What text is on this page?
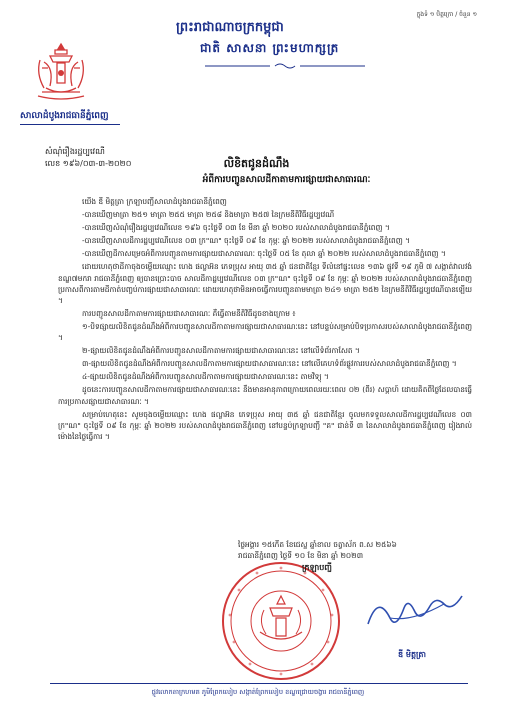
ក្នុងទំ ១ បិត្តក្រោ / ចំនួន ១
ព្រះរាជាណាចក្រកម្ពុជា
ជាតិ សាសនា ព្រះមហាក្សត្រ
សាលាដំបូងរាជធានីភ្នំពេញ
សំណុំរឿងរដ្ឋប្បវេណី
លេខ ១៩៦/០៣-៣-២០២០	លិខិតជូនដំណឹង
អំពីការបញ្ចូនសាលដីកាតាមការផ្សាយជាសាធារណៈ

យើង ឌី មិត្តត្រា ក្រឡាបញ្ជីសាលាដំបូងរាជធានីភ្នំពេញ

-បានឃើញមាត្រា ២៥១ មាត្រា ២៥៥ មាត្រា ២៥៨ និងមាត្រា ២៥៧ នៃក្រមនីតិវិធីរដ្ឋប្បវេណី

-បានឃើញសំណុំរឿងរដ្ឋប្បវេណីលេខ ១៩៦ ចុះថ្ងៃទី ០៣ ខែ មីនា ឆ្នាំ ២០២០ របស់សាលាដំបូងរាជធានីភ្នំពេញ ។

-បានឃើញសាលដីការដ្ឋប្បវេណីលេខ ០៣ ក្រ"ណ" ចុះថ្ងៃទី ០៩ ខែ កុម្ភៈ ឆ្នាំ ២០២២ របស់សាលាដំបូងរាជធានីភ្នំពេញ ។

-បានឃើញដីកាសម្រេចអំពីការបញ្ជូនតាមការផ្សាយជាសាធារណៈ ចុះថ្ងៃទី ០៥ ខែ តុលា ឆ្នាំ ២០២២ របស់សាលាដំបូងរាជធានីភ្នំពេញ ។

ដោយហេតុថាដីកាចុងចម្លើយឈ្មោះ ហេង ផល្លាអ៊ន ភេទប្រុស អាយុ ៣៥ ឆ្នាំ ជនជាតិខ្មែរ ទីលំនៅផ្ទះលេខ ១៣៦ ផ្លូវទី ១៩ ភូមិ ៧ សង្កាត់វាលវង់ ខណ្ឌ៧មករា រាជធានីភ្នំពេញ ឲ្យបានប្រោះបាច សាលដីកាដ្ឋប្បវេណីលេខ ០៣ ក្រ"ណ" ចុះថ្ងៃទី ០៩ ខែ កុម្ភៈ ឆ្នាំ ២០២២ របស់សាលាដំបូងរាជធានីភ្នំពេញ ប្រកាសពីការតាមដីកាត់បញ្ចប់ការផ្សាយជាសាធារណៈ ដោយហេតុថាមិនអាចធ្វើការបញ្ជូនតាមមាត្រា ២៤១ មាត្រា ២៥២ នៃក្រមនីតិវិធីរដ្ឋប្បវេណីបានឡើយ ។

ការបញ្ជូនសាលដីកាតាមការផ្សាយជាសាធារណៈ គឺធ្វើតាមនីតិវិធីដូចខាងក្រោម ៖

១-បិទផ្សាយលិខិតជូនដំណឹងអំពីការបញ្ជូនសាលដីកាតាមការផ្សាយជាសាធារណៈនេះ នៅបន្ទប់សម្រាប់បិទប្រកាសរបស់សាលាដំបូងរាជធានីភ្នំពេញ ។

២-ផ្សាយលិខិតជូនដំណឹងអំពីការបញ្ជូនសាលដីកាតាមការផ្សាយជាសាធារណៈនេះ នៅលើទំព័រកាសែត ។

៣-ផ្សាយលិខិតជូនដំណឹងអំពីការបញ្ជូនសាលដីកាតាមការផ្សាយជាសាធារណៈនេះ នៅលើគេហទំព័រផ្លូវការរបស់សាលាដំបូងរាជធានីភ្នំពេញ ។

៤-ផ្សាយលិខិតជូនដំណឹងអំពីការបញ្ជូនសាលដីកាតាមការផ្សាយជាសាធារណៈនេះ តាមវិទ្យុ ។

ដូចនេះការបញ្ជូនសាលដីកាតាមការផ្សាយជាសាធារណៈនេះ នឹងមានអានុភាពក្រោយពេលរយៈពេល ០២ (ពីរ) សប្តាហ៍ ដោយគិតពីថ្ងៃដែលបានធ្វើការប្រកាសផ្សាយជាសាធារណៈ ។

សម្រាប់ហេតុនេះ សូមចុងចម្លើយឈ្មោះ ហេង ផល្លាអ៊ន ភេទប្រុស អាយុ ៣៥ ឆ្នាំ ជនជាតិខ្មែរ ចូលមកទទួលសាលដីការដ្ឋប្បវេណីលេខ ០៣ ក្រ"ណ" ចុះថ្ងៃទី ០៩ ខែ កុម្ភៈ ឆ្នាំ ២០២២ របស់សាលាដំបូងរាជធានីភ្នំពេញ នៅបន្ទប់ក្រឡាបញ្ជី "គ" ជាន់ទី ៣ នៃសាលាដំបូងរាជធានីភ្នំពេញ រៀងរាល់ម៉ោងនៃថ្ងៃធ្វើការ ។

ថ្ងៃអង្គារ ១៥កើត ខែជេស្ឋ ឆ្នាំខាល ចត្វាស័ក ព.ស ២៥៦៦
រាជធានីភ្នំពេញ ថ្ងៃទី ១០ ខែ មិនា ឆ្នាំ ២០២៣
ក្រឡាបញ្ជី
ឌី មិត្តត្រា
ផ្លូវលោកតាក្រហមគ ភូមិព្រែកលៀប សង្កាត់ព្រែកលៀប ខណ្ឌជ្រោយចង្វារ រាជធានីភ្នំពេញ
